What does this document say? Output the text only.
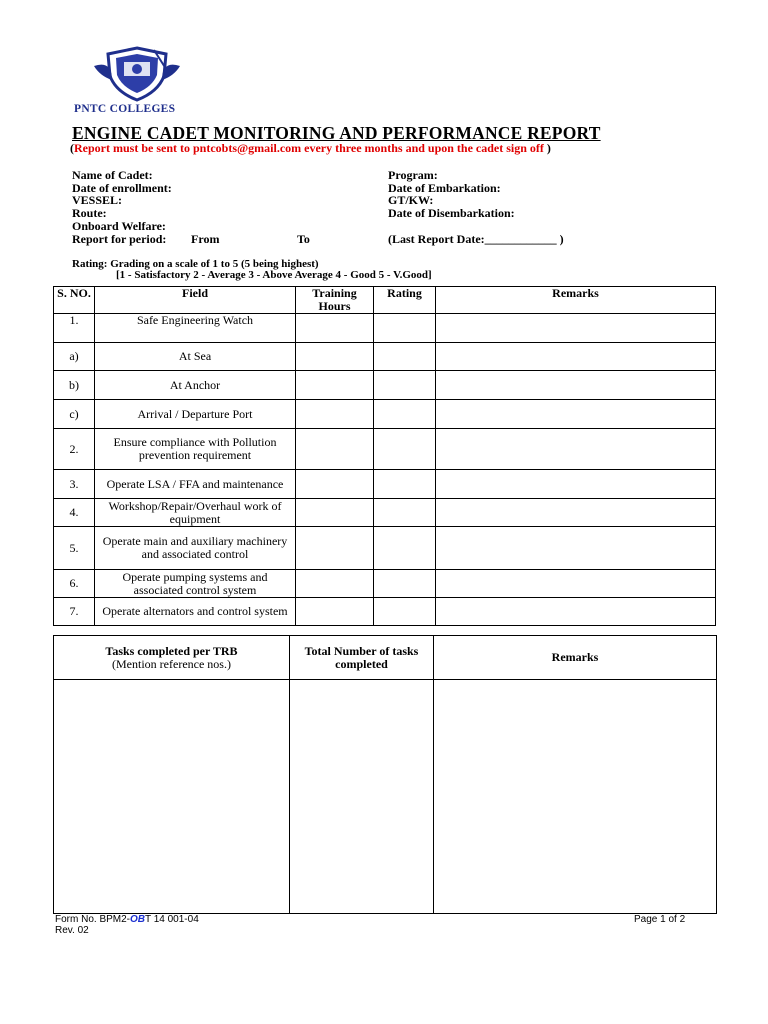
PNTC COLLEGES
ENGINE CADET MONITORING AND PERFORMANCE REPORT
(Report must be sent to pntcobts@gmail.com every three months and upon the cadet sign off )
Name of Cadet:
Date of enrollment:
VESSEL:
Route:
Onboard Welfare:
Report for period: From	To
Program:
Date of Embarkation:
GT/KW:
Date of Disembarkation:
(Last Report Date:____________ )
Rating: Grading on a scale of 1 to 5 (5 being highest)
[1 - Satisfactory 2 - Average 3 - Above Average 4 - Good 5 - V.Good]
S. NO.	Field	Training Hours	Rating	Remarks
1.	Safe Engineering Watch			
a)	At Sea			
b)	At Anchor			
c)	Arrival / Departure Port			
2.	Ensure compliance with Pollution prevention requirement			
3.	Operate LSA / FFA and maintenance			
4.	Workshop/Repair/Overhaul work of equipment			
5.	Operate main and auxiliary machinery and associated control			
6.	Operate pumping systems and associated control system			
7.	Operate alternators and control system			
Tasks completed per TRB
(Mention reference nos.)	Total Number of tasks completed	Remarks

Form No. BPM2-OBT 14 001-04
Rev. 02
Page 1 of 2
